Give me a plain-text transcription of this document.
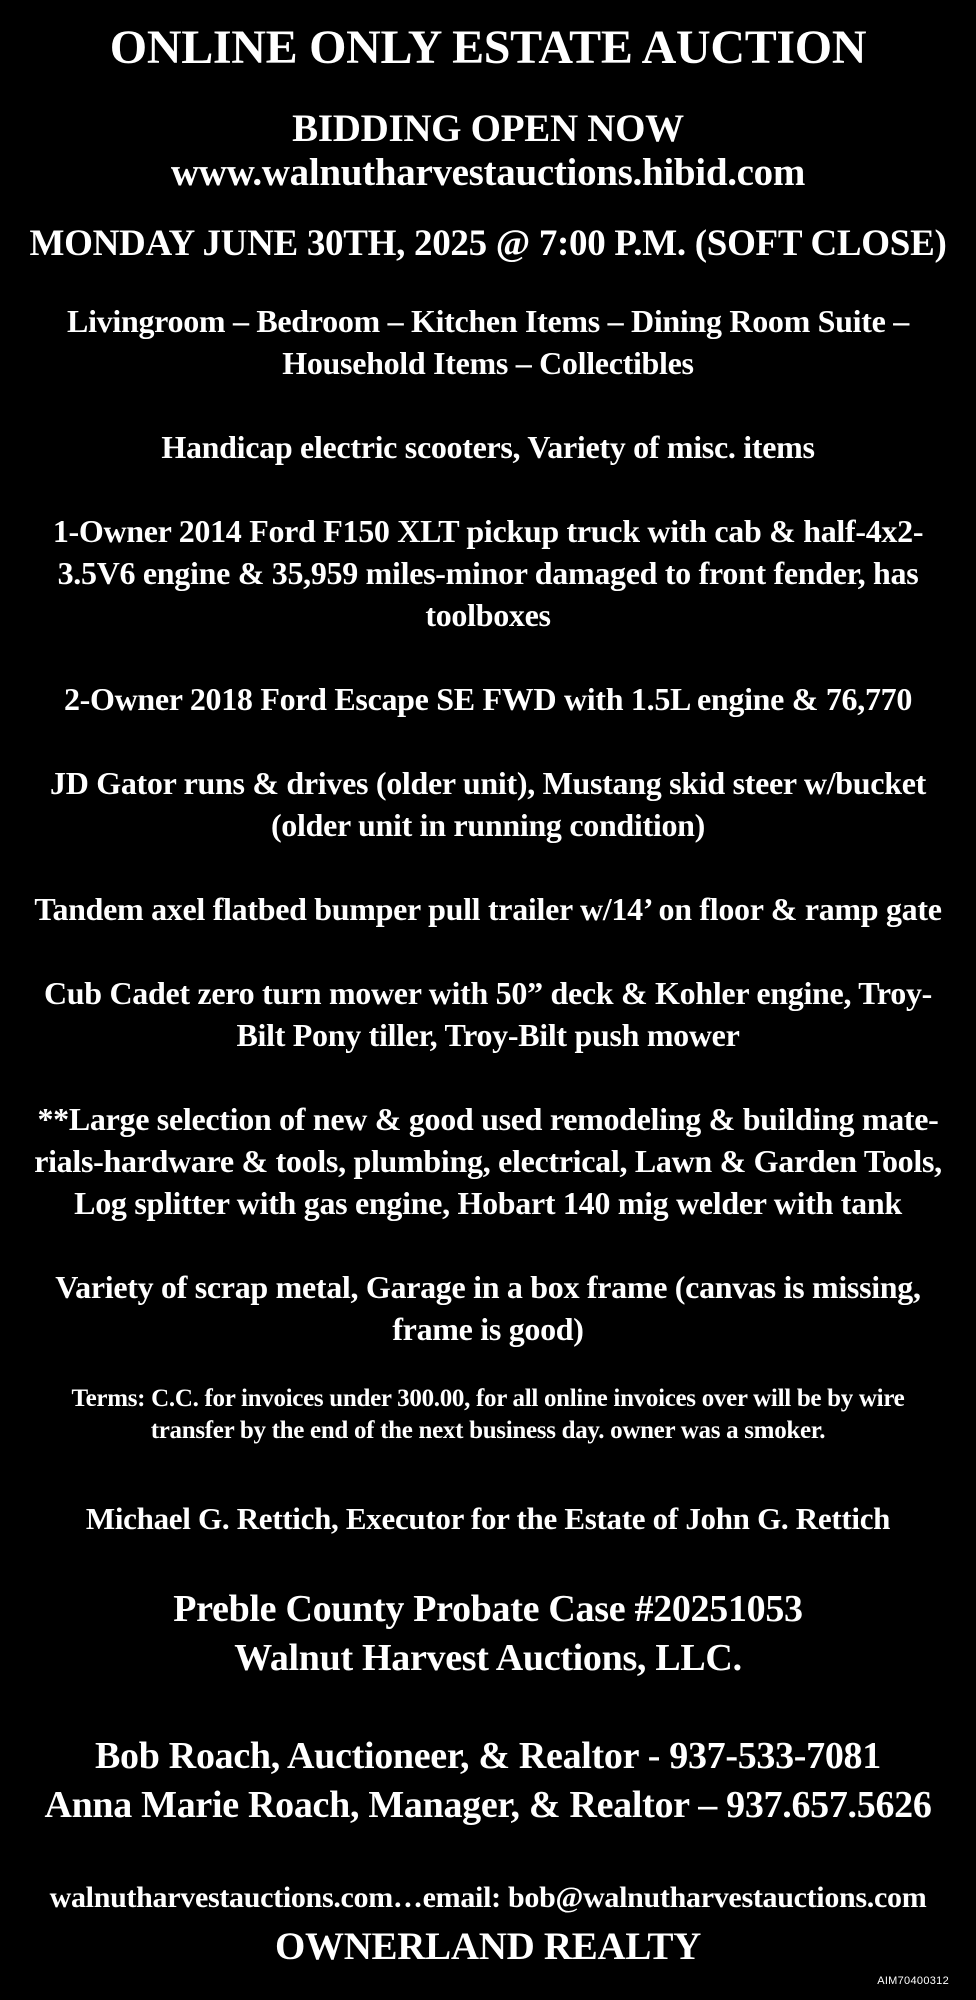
ONLINE ONLY ESTATE AUCTION
BIDDING OPEN NOW
www.walnutharvestauctions.hibid.com
MONDAY JUNE 30TH, 2025 @ 7:00 P.M. (SOFT CLOSE)
Livingroom – Bedroom – Kitchen Items – Dining Room Suite –
Household Items – Collectibles
Handicap electric scooters, Variety of misc. items
1-Owner 2014 Ford F150 XLT pickup truck with cab & half-4x2-
3.5V6 engine & 35,959 miles-minor damaged to front fender, has
toolboxes
2-Owner 2018 Ford Escape SE FWD with 1.5L engine & 76,770
JD Gator runs & drives (older unit), Mustang skid steer w/bucket
(older unit in running condition)
Tandem axel flatbed bumper pull trailer w/14’ on floor & ramp gate
Cub Cadet zero turn mower with 50” deck & Kohler engine, Troy-
Bilt Pony tiller, Troy-Bilt push mower
**Large selection of new & good used remodeling & building mate-
rials-hardware & tools, plumbing, electrical, Lawn & Garden Tools,
Log splitter with gas engine, Hobart 140 mig welder with tank
Variety of scrap metal, Garage in a box frame (canvas is missing,
frame is good)
Terms: C.C. for invoices under 300.00, for all online invoices over will be by wire
transfer by the end of the next business day. owner was a smoker.
Michael G. Rettich, Executor for the Estate of John G. Rettich
Preble County Probate Case #20251053
Walnut Harvest Auctions, LLC.
Bob Roach, Auctioneer, & Realtor - 937-533-7081
Anna Marie Roach, Manager, & Realtor – 937.657.5626
walnutharvestauctions.com…email: bob@walnutharvestauctions.com
OWNERLAND REALTY
AIM70400312
